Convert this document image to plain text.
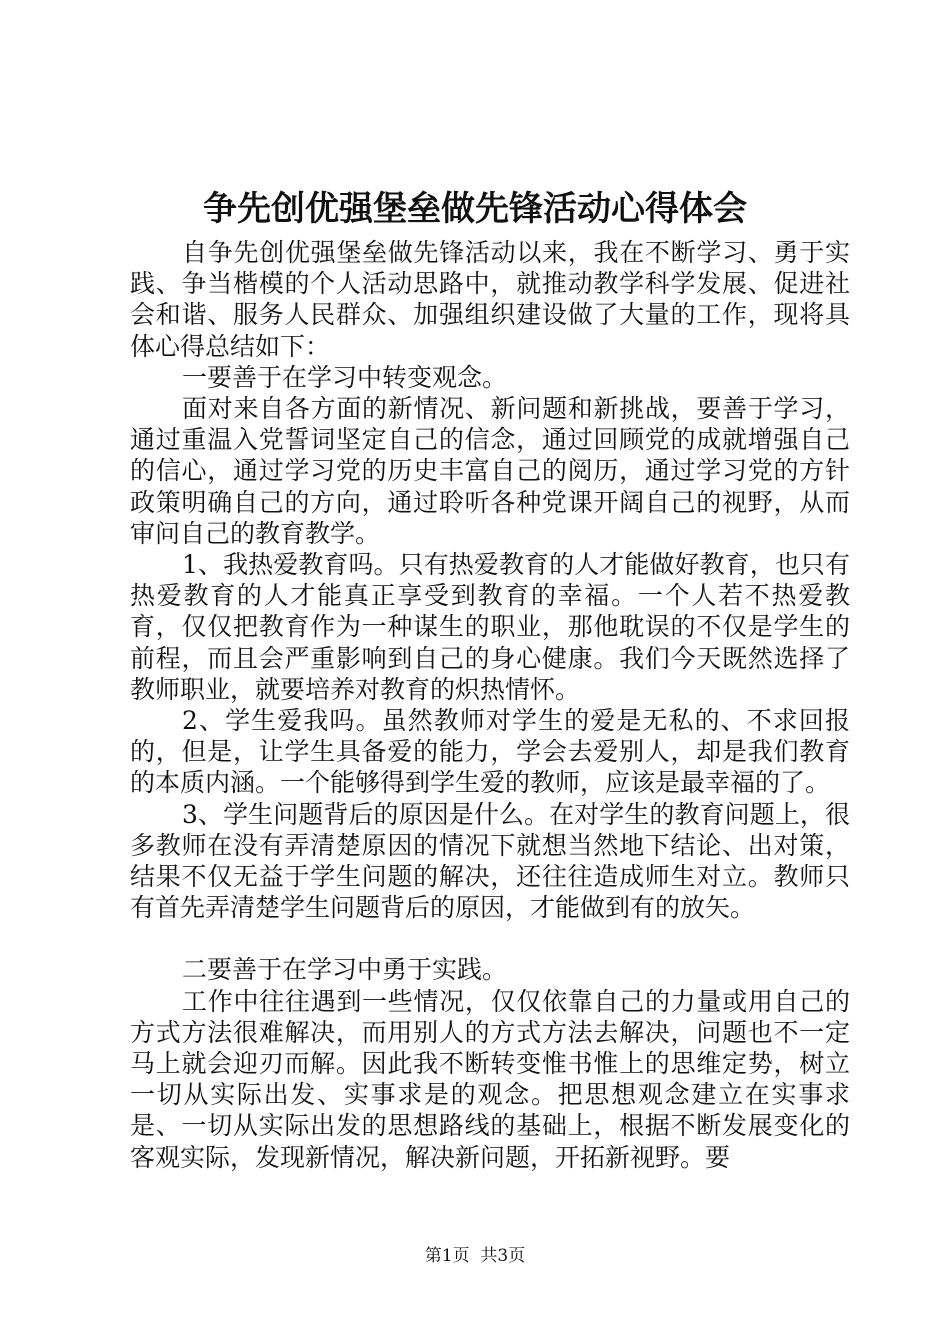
争先创优强堡垒做先锋活动心得体会

自争先创优强堡垒做先锋活动以来，我在不断学习、勇于实践、争当楷模的个人活动思路中，就推动教学科学发展、促进社会和谐、服务人民群众、加强组织建设做了大量的工作，现将具体心得总结如下：

一要善于在学习中转变观念。

面对来自各方面的新情况、新问题和新挑战，要善于学习，通过重温入党誓词坚定自己的信念，通过回顾党的成就增强自己的信心，通过学习党的历史丰富自己的阅历，通过学习党的方针政策明确自己的方向，通过聆听各种党课开阔自己的视野，从而审问自己的教育教学。

1、我热爱教育吗。只有热爱教育的人才能做好教育，也只有热爱教育的人才能真正享受到教育的幸福。一个人若不热爱教育，仅仅把教育作为一种谋生的职业，那他耽误的不仅是学生的前程，而且会严重影响到自己的身心健康。我们今天既然选择了教师职业，就要培养对教育的炽热情怀。

2、学生爱我吗。虽然教师对学生的爱是无私的、不求回报的，但是，让学生具备爱的能力，学会去爱别人，却是我们教育的本质内涵。一个能够得到学生爱的教师，应该是最幸福的了。

3、学生问题背后的原因是什么。在对学生的教育问题上，很多教师在没有弄清楚原因的情况下就想当然地下结论、出对策，结果不仅无益于学生问题的解决，还往往造成师生对立。教师只有首先弄清楚学生问题背后的原因，才能做到有的放矢。

二要善于在学习中勇于实践。

工作中往往遇到一些情况，仅仅依靠自己的力量或用自己的方式方法很难解决，而用别人的方式方法去解决，问题也不一定马上就会迎刃而解。因此我不断转变惟书惟上的思维定势，树立一切从实际出发、实事求是的观念。把思想观念建立在实事求是、一切从实际出发的思想路线的基础上，根据不断发展变化的客观实际，发现新情况，解决新问题，开拓新视野。要

第1页 共3页
